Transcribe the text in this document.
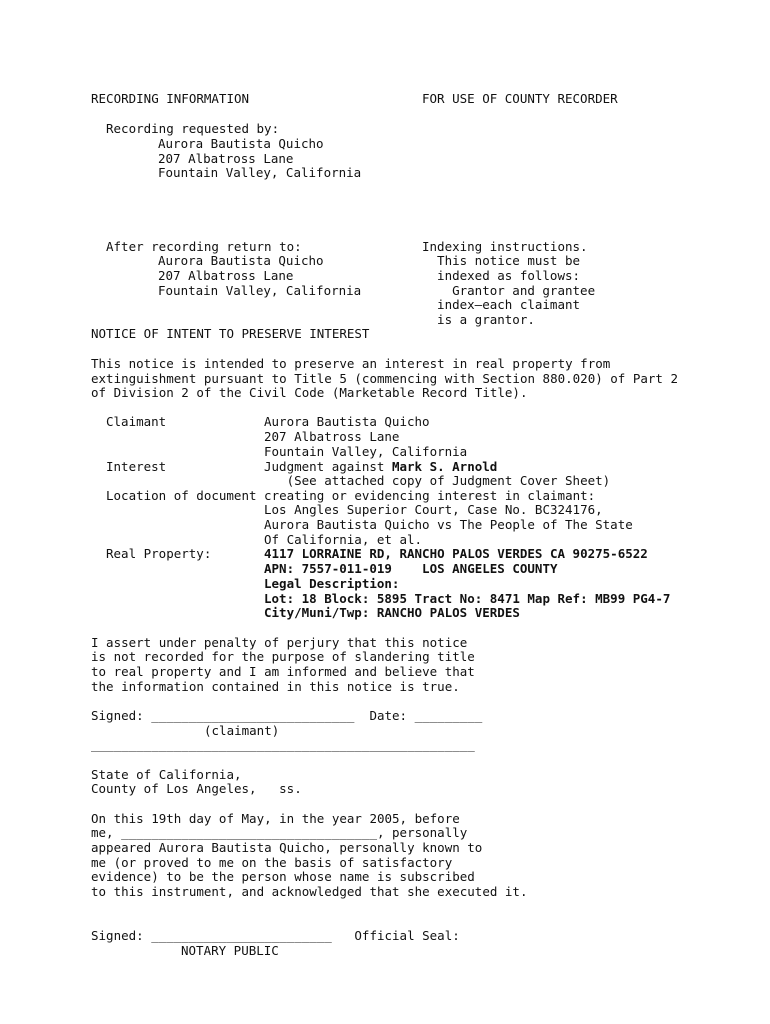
RECORDING INFORMATION	FOR USE OF COUNTY RECORDER
Recording requested by:
Aurora Bautista Quicho
207 Albatross Lane
Fountain Valley, California
After recording return to:
Aurora Bautista Quicho
207 Albatross Lane
Fountain Valley, California
Indexing instructions.
This notice must be
indexed as follows:
Grantor and grantee
index—each claimant
is a grantor.
NOTICE OF INTENT TO PRESERVE INTEREST
This notice is intended to preserve an interest in real property from
extinguishment pursuant to Title 5 (commencing with Section 880.020) of Part 2
of Division 2 of the Civil Code (Marketable Record Title).
Claimant	Aurora Bautista Quicho
207 Albatross Lane
Fountain Valley, California
Interest	Judgment against Mark S. Arnold
(See attached copy of Judgment Cover Sheet)
Location of document creating or evidencing interest in claimant:
Los Angles Superior Court, Case No. BC324176,
Aurora Bautista Quicho vs The People of The State
Of California, et al.
Real Property:	4117 LORRAINE RD, RANCHO PALOS VERDES CA 90275-6522
APN: 7557-011-019    LOS ANGELES COUNTY
Legal Description:
Lot: 18 Block: 5895 Tract No: 8471 Map Ref: MB99 PG4-7
City/Muni/Twp: RANCHO PALOS VERDES
I assert under penalty of perjury that this notice
is not recorded for the purpose of slandering title
to real property and I am informed and believe that
the information contained in this notice is true.
Signed: ___________________________  Date: _________
(claimant)
___________________________________________________
State of California,
County of Los Angeles,   ss.
On this 19th day of May, in the year 2005, before
me, __________________________________, personally
appeared Aurora Bautista Quicho, personally known to
me (or proved to me on the basis of satisfactory
evidence) to be the person whose name is subscribed
to this instrument, and acknowledged that she executed it.
Signed: ________________________   Official Seal:
NOTARY PUBLIC
